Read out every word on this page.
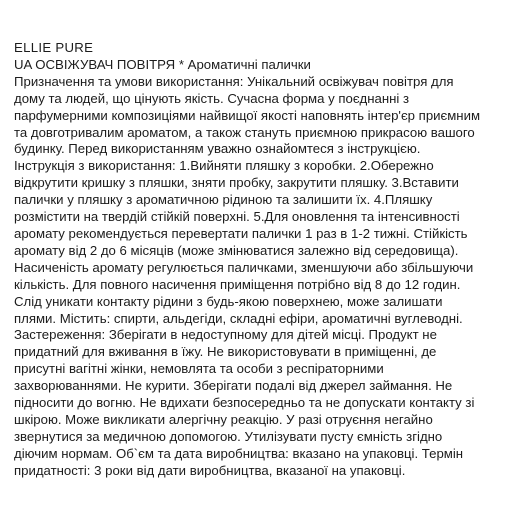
ELLIE PURE
UA ОСВІЖУВАЧ ПОВІТРЯ * Ароматичні палички
Призначення та умови використання: Унікальний освіжувач повітря для
дому та людей, що цінують якість. Сучасна форма у поєднанні з
парфумерними композиціями найвищої якості наповнять інтер'єр приємним
та довготривалим ароматом, а також стануть приємною прикрасою вашого
будинку. Перед використанням уважно ознайомтеся з інструкцією.
Інструкція з використання: 1.Вийняти пляшку з коробки. 2.Обережно
відкрутити кришку з пляшки, зняти пробку, закрутити пляшку. 3.Вставити
палички у пляшку з ароматичною рідиною та залишити їх. 4.Пляшку
розмістити на твердій стійкій поверхні. 5.Для оновлення та інтенсивності
аромату рекомендується перевертати палички 1 раз в 1-2 тижні. Стійкість
аромату від 2 до 6 місяців (може змінюватися залежно від середовища).
Насиченість аромату регулюється паличками, зменшуючи або збільшуючи
кількість. Для повного насичення приміщення потрібно від 8 до 12 годин.
Слід уникати контакту рідини з будь-якою поверхнею, може залишати
плями. Містить: спирти, альдегіди, складні ефіри, ароматичні вуглеводні.
Застереження: Зберігати в недоступному для дітей місці. Продукт не
придатний для вживання в їжу. Не використовувати в приміщенні, де
присутні вагітні жінки, немовлята та особи з респіраторними
захворюваннями. Не курити. Зберігати подалі від джерел займання. Не
підносити до вогню. Не вдихати безпосередньо та не допускати контакту зі
шкірою. Може викликати алергічну реакцію. У разі отруєння негайно
звернутися за медичною допомогою. Утилізувати пусту ємність згідно
діючим нормам. Об`єм та дата виробництва: вказано на упаковці. Термін
придатності: 3 роки від дати виробництва, вказаної на упаковці.
